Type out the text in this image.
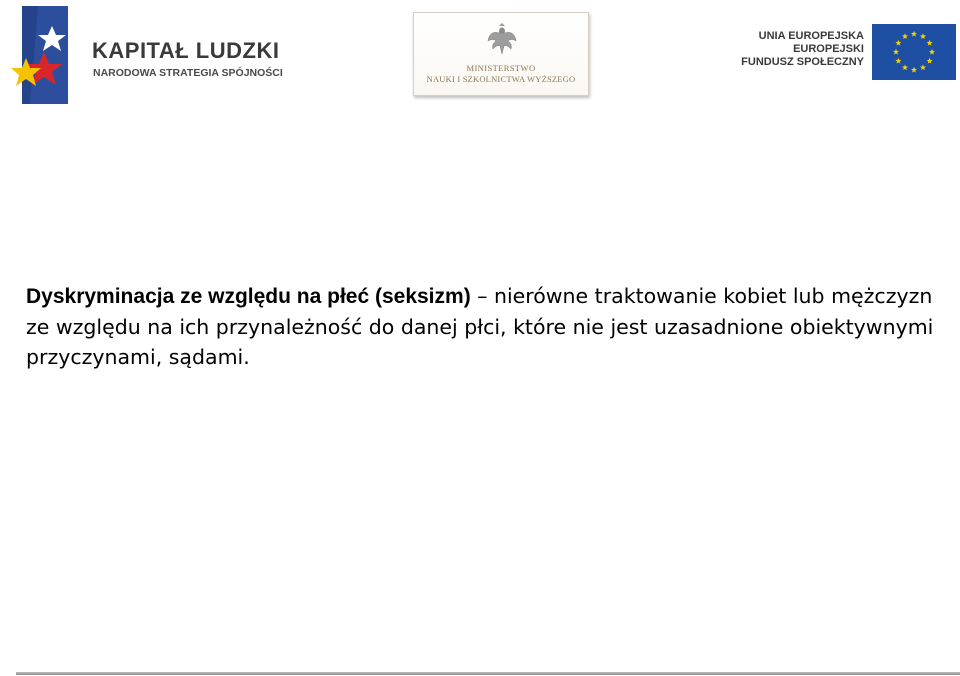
KAPITAŁ LUDZKI
NARODOWA STRATEGIA SPÓJNOŚCI	MINISTERSTWO
NAUKI I SZKOLNICTWA WYŻSZEGO
UNIA EUROPEJSKA
EUROPEJSKI
FUNDUSZ SPOŁECZNY
Dyskryminacja ze względu na płeć (seksizm) – nierówne traktowanie kobiet lub mężczyzn ze względu na ich przynależność do danej płci, które nie jest uzasadnione obiektywnymi przyczynami, sądami.
